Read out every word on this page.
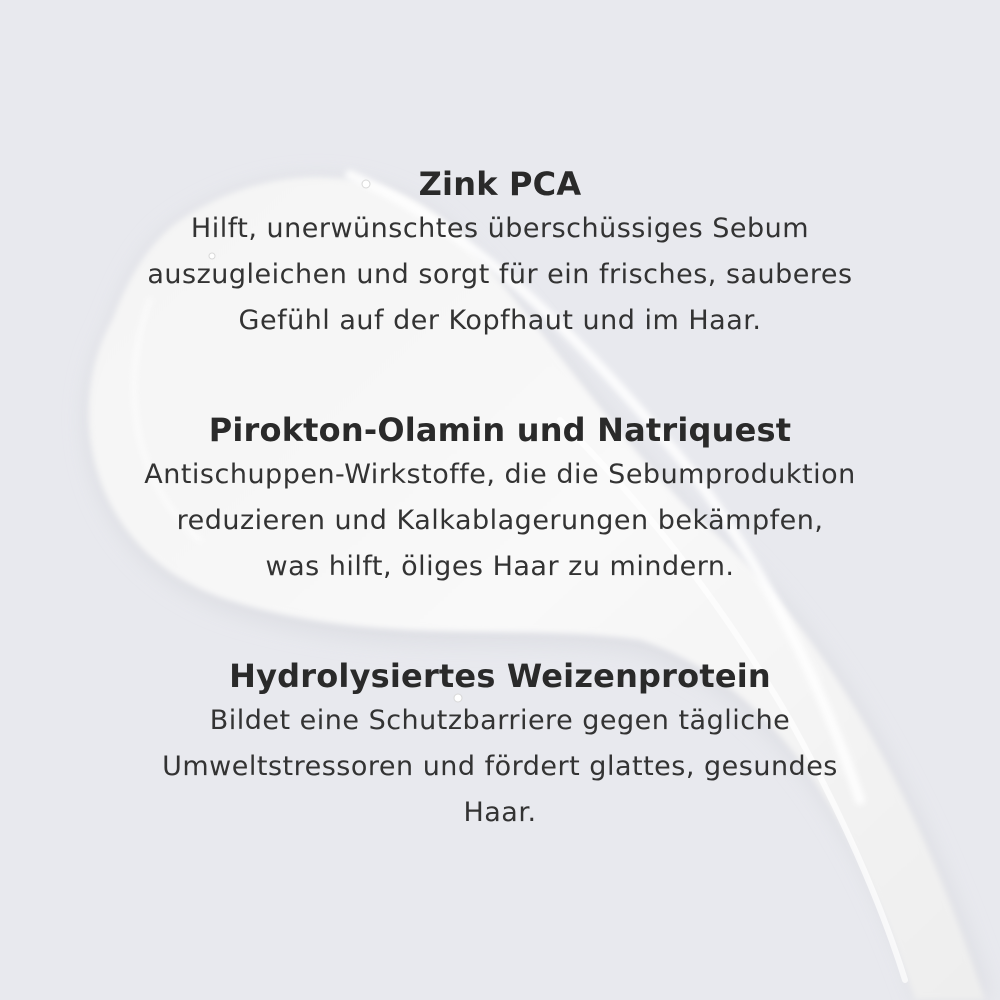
Zink PCA

Hilft, unerwünschtes überschüssiges Sebum

auszugleichen und sorgt für ein frisches, sauberes

Gefühl auf der Kopfhaut und im Haar.

Pirokton-Olamin und Natriquest

Antischuppen-Wirkstoffe, die die Sebumproduktion

reduzieren und Kalkablagerungen bekämpfen,

was hilft, öliges Haar zu mindern.

Hydrolysiertes Weizenprotein

Bildet eine Schutzbarriere gegen tägliche

Umweltstressoren und fördert glattes, gesundes

Haar.
